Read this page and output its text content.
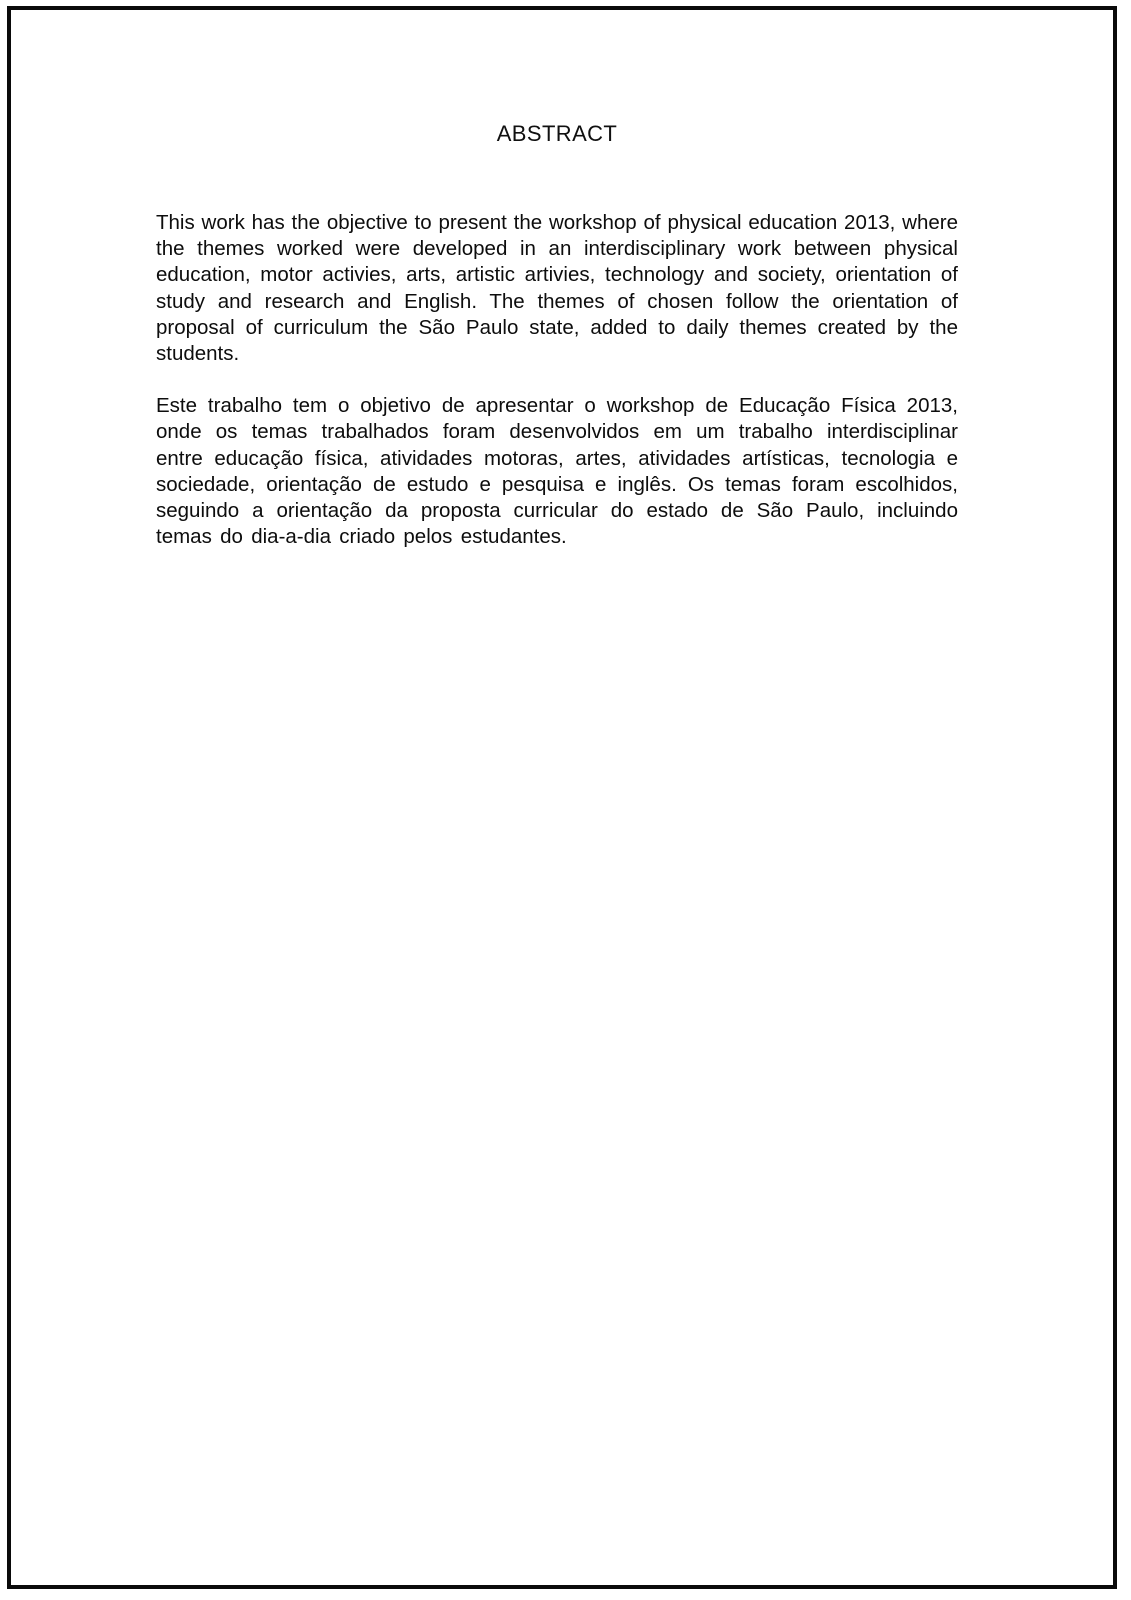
ABSTRACT

This work has the objective to present the workshop of physical education 2013, where the themes worked were developed in an interdisciplinary work between physical education, motor activies, arts, artistic artivies, technology and society, orientation of study and research and English. The themes of chosen follow the orientation of proposal of curriculum the São Paulo state, added to daily themes created by the students.

Este trabalho tem o objetivo de apresentar o workshop de Educação Física 2013, onde os temas trabalhados foram desenvolvidos em um trabalho interdisciplinar entre educação física, atividades motoras, artes, atividades artísticas, tecnologia e sociedade, orientação de estudo e pesquisa e inglês. Os temas foram escolhidos, seguindo a orientação da proposta curricular do estado de São Paulo, incluindo temas do dia-a-dia criado pelos estudantes.
